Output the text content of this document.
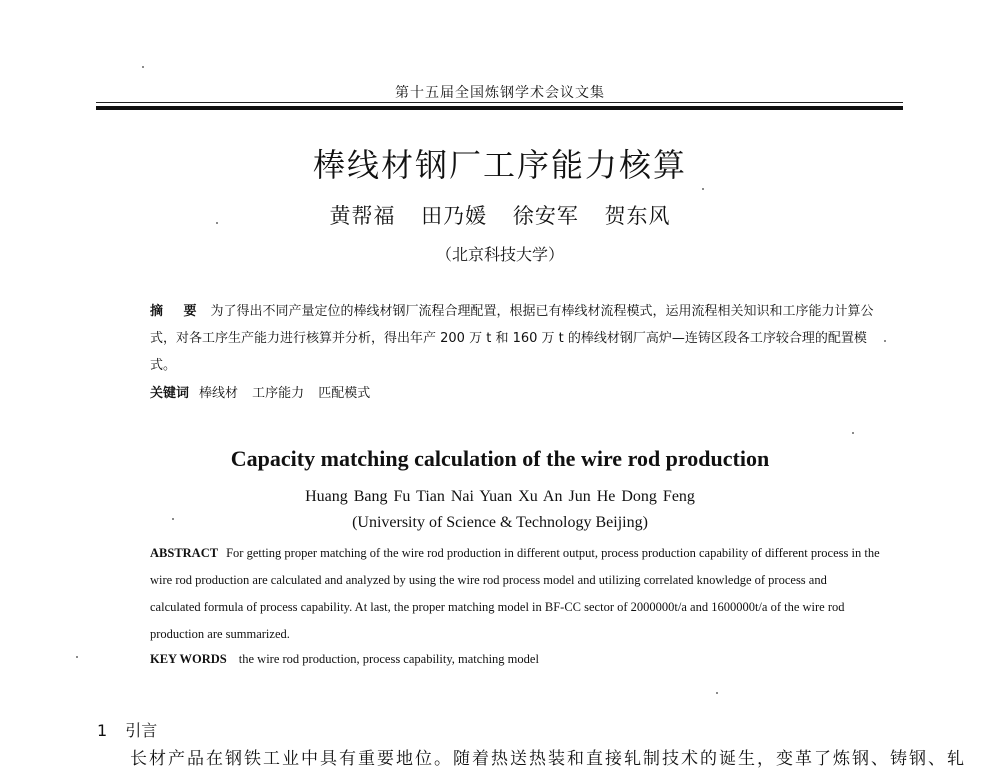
第十五届全国炼钢学术会议文集
棒线材钢厂工序能力核算
黄帮福 田乃媛 徐安军 贺东风
（北京科技大学）
摘 要 为了得出不同产量定位的棒线材钢厂流程合理配置，根据已有棒线材流程模式，运用流程相关知识和工序能力计算公式，对各工序生产能力进行核算并分析，得出年产 200 万 t 和 160 万 t 的棒线材钢厂高炉—连铸区段各工序较合理的配置模式。
关键词 棒线材 工序能力 匹配模式
Capacity matching calculation of the wire rod production
Huang Bang Fu Tian Nai Yuan Xu An Jun He Dong Feng
(University of Science & Technology Beijing)
ABSTRACT For getting proper matching of the wire rod production in different output, process production capability of different process in the wire rod production are calculated and analyzed by using the wire rod process model and utilizing correlated knowledge of process and calculated formula of process capability. At last, the proper matching model in BF-CC sector of 2000000t/a and 1600000t/a of the wire rod production are summarized.
KEY WORDS the wire rod production, process capability, matching model
1 引言
长材产品在钢铁工业中具有重要地位。随着热送热装和直接轧制技术的诞生，变革了炼钢、铸钢、轧
